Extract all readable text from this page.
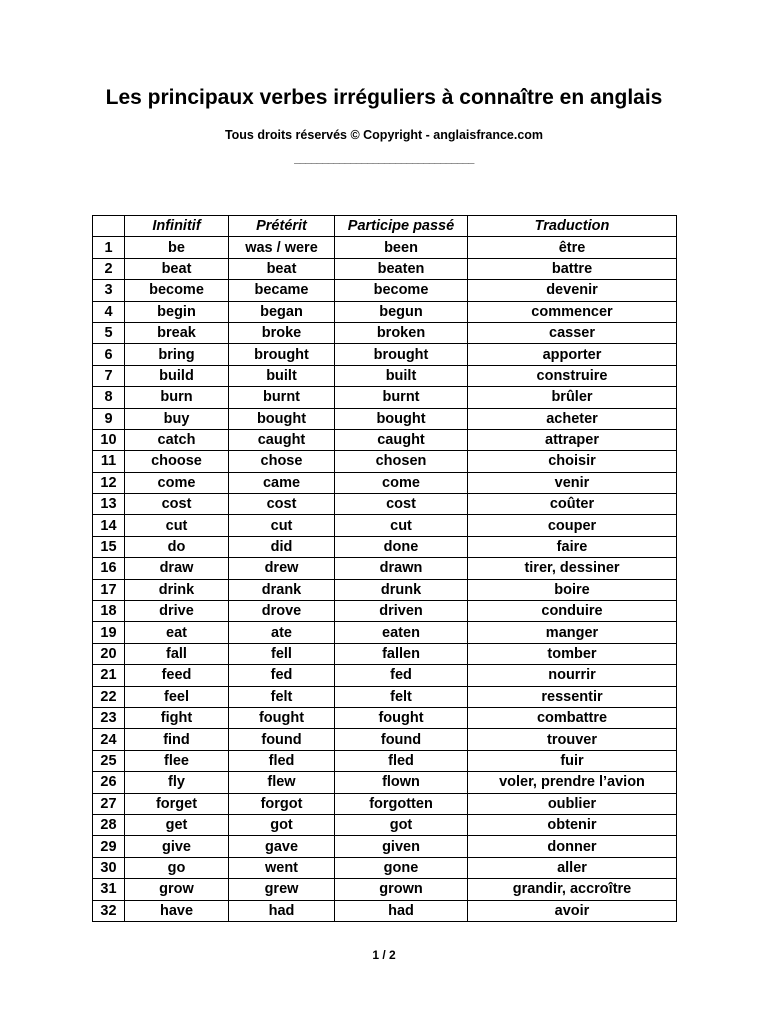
Les principaux verbes irréguliers à connaître en anglais
Tous droits réservés © Copyright - anglaisfrance.com
________________________________
	Infinitif	Prétérit	Participe passé	Traduction
1	be	was / were	been	être
2	beat	beat	beaten	battre
3	become	became	become	devenir
4	begin	began	begun	commencer
5	break	broke	broken	casser
6	bring	brought	brought	apporter
7	build	built	built	construire
8	burn	burnt	burnt	brûler
9	buy	bought	bought	acheter
10	catch	caught	caught	attraper
11	choose	chose	chosen	choisir
12	come	came	come	venir
13	cost	cost	cost	coûter
14	cut	cut	cut	couper
15	do	did	done	faire
16	draw	drew	drawn	tirer, dessiner
17	drink	drank	drunk	boire
18	drive	drove	driven	conduire
19	eat	ate	eaten	manger
20	fall	fell	fallen	tomber
21	feed	fed	fed	nourrir
22	feel	felt	felt	ressentir
23	fight	fought	fought	combattre
24	find	found	found	trouver
25	flee	fled	fled	fuir
26	fly	flew	flown	voler, prendre l’avion
27	forget	forgot	forgotten	oublier
28	get	got	got	obtenir
29	give	gave	given	donner
30	go	went	gone	aller
31	grow	grew	grown	grandir, accroître
32	have	had	had	avoir
1 / 2
